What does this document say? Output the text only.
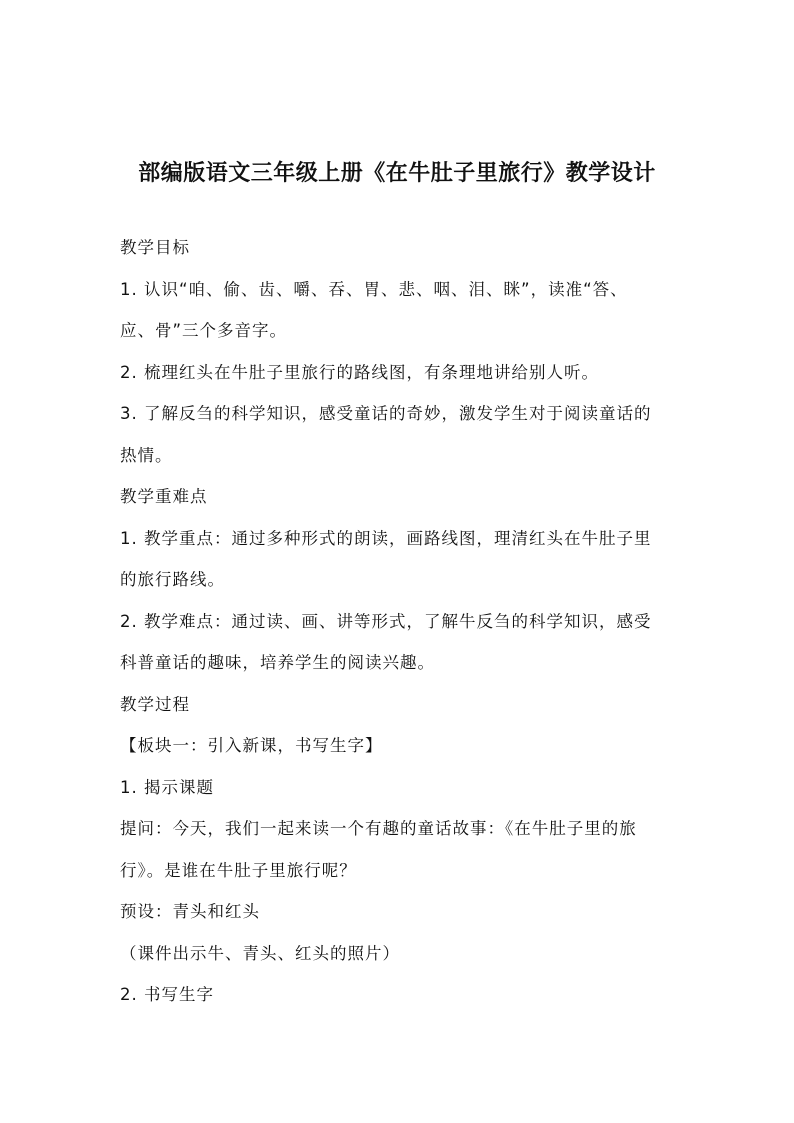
部编版语文三年级上册《在牛肚子里旅行》教学设计
教学目标
1. 认识“咱、偷、齿、嚼、吞、胃、悲、咽、泪、眯”，读准“答、
应、骨”三个多音字。
2. 梳理红头在牛肚子里旅行的路线图，有条理地讲给别人听。
3. 了解反刍的科学知识，感受童话的奇妙，激发学生对于阅读童话的
热情。
教学重难点
1. 教学重点：通过多种形式的朗读，画路线图，理清红头在牛肚子里
的旅行路线。
2. 教学难点：通过读、画、讲等形式，了解牛反刍的科学知识，感受
科普童话的趣味，培养学生的阅读兴趣。
教学过程
【板块一：引入新课，书写生字】
1. 揭示课题
提问：今天，我们一起来读一个有趣的童话故事：《在牛肚子里的旅
行》。是谁在牛肚子里旅行呢？
预设：青头和红头
（课件出示牛、青头、红头的照片）
2. 书写生字
